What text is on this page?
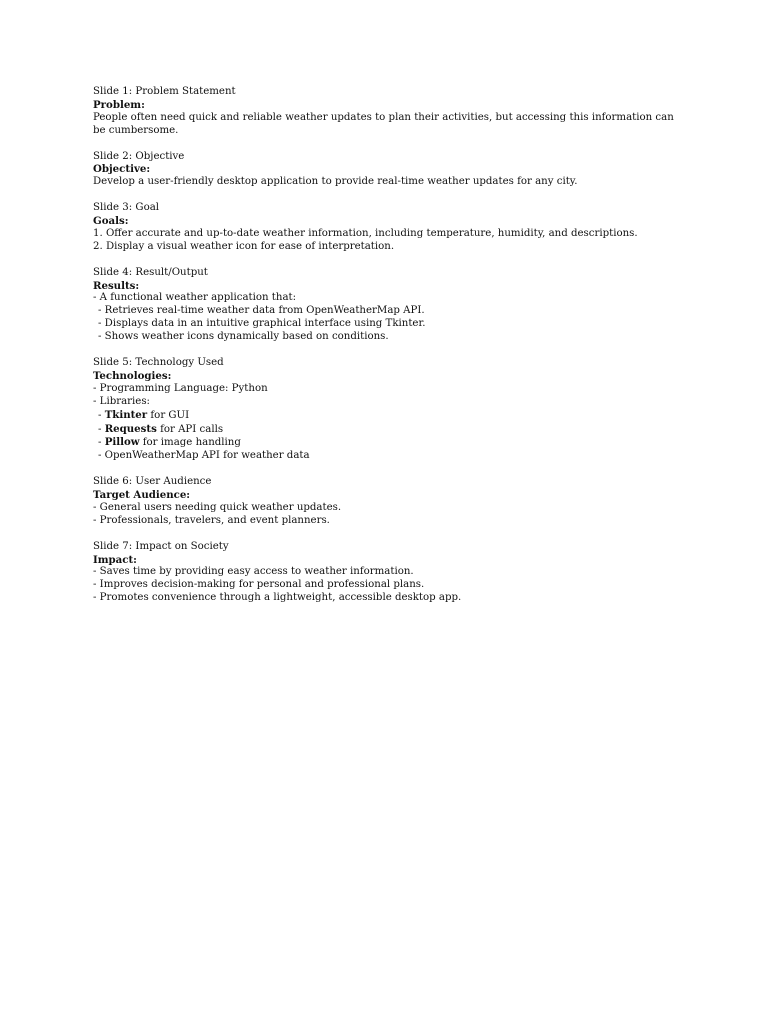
Slide 1: Problem Statement
Problem:
People often need quick and reliable weather updates to plan their activities, but accessing this information can be cumbersome.
Slide 2: Objective
Objective:
Develop a user-friendly desktop application to provide real-time weather updates for any city.
Slide 3: Goal
Goals:
1. Offer accurate and up-to-date weather information, including temperature, humidity, and descriptions.
2. Display a visual weather icon for ease of interpretation.
Slide 4: Result/Output
Results:
- A functional weather application that:
- Retrieves real-time weather data from OpenWeatherMap API.
- Displays data in an intuitive graphical interface using Tkinter.
- Shows weather icons dynamically based on conditions.
Slide 5: Technology Used
Technologies:
- Programming Language: Python
- Libraries:
- Tkinter for GUI
- Requests for API calls
- Pillow for image handling
- OpenWeatherMap API for weather data
Slide 6: User Audience
Target Audience:
- General users needing quick weather updates.
- Professionals, travelers, and event planners.
Slide 7: Impact on Society
Impact:
- Saves time by providing easy access to weather information.
- Improves decision-making for personal and professional plans.
- Promotes convenience through a lightweight, accessible desktop app.
